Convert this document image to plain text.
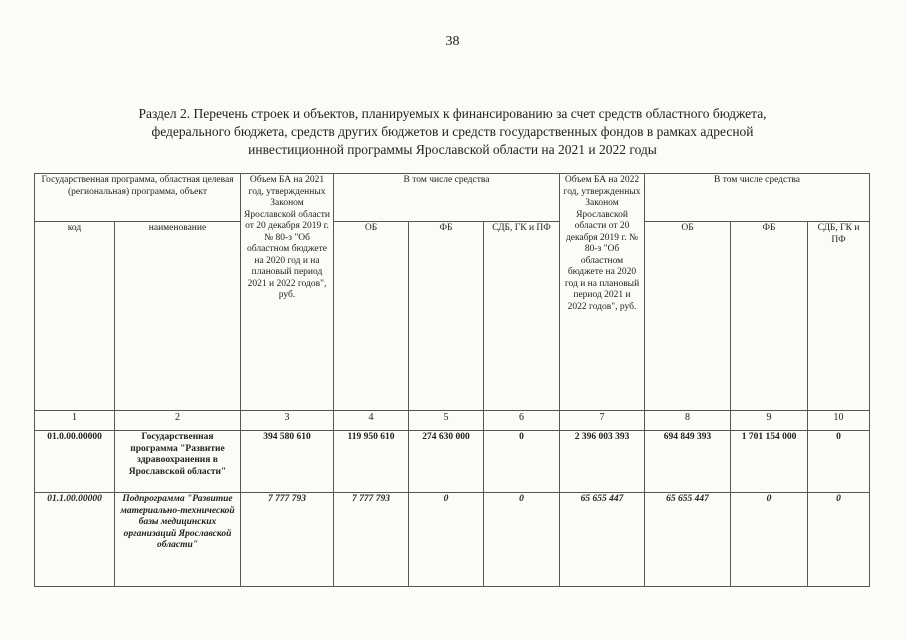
38
Раздел 2. Перечень строек и объектов, планируемых к финансированию за счет средств областного бюджета,
федерального бюджета, средств других бюджетов и средств государственных фондов в рамках адресной
инвестиционной программы Ярославской области на 2021 и 2022 годы
Государственная программа, областная целевая (региональная) программа, объект		Объем БА на 2021 год, утвержденных Законом Ярославской области от 20 декабря 2019 г. № 80-з "Об областном бюджете на 2020 год и на плановый период 2021 и 2022 годов", руб.	В том числе средства			Объем БА на 2022 год, утвержденных Законом Ярославской области от 20 декабря 2019 г. № 80-з "Об областном бюджете на 2020 год и на плановый период 2021 и 2022 годов", руб.	В том числе средства		
код	наименование		ОБ	ФБ	СДБ, ГК и ПФ		ОБ	ФБ	СДБ, ГК и ПФ
1	2	3	4	5	6	7	8	9	10
01.0.00.00000	Государственная программа "Развитие здравоохранения в Ярославской области"	394 580 610	119 950 610	274 630 000	0	2 396 003 393	694 849 393	1 701 154 000	0
01.1.00.00000	Подпрограмма "Развитие материально-технической базы медицинских организаций Ярославской области"	7 777 793	7 777 793	0	0	65 655 447	65 655 447	0	0
